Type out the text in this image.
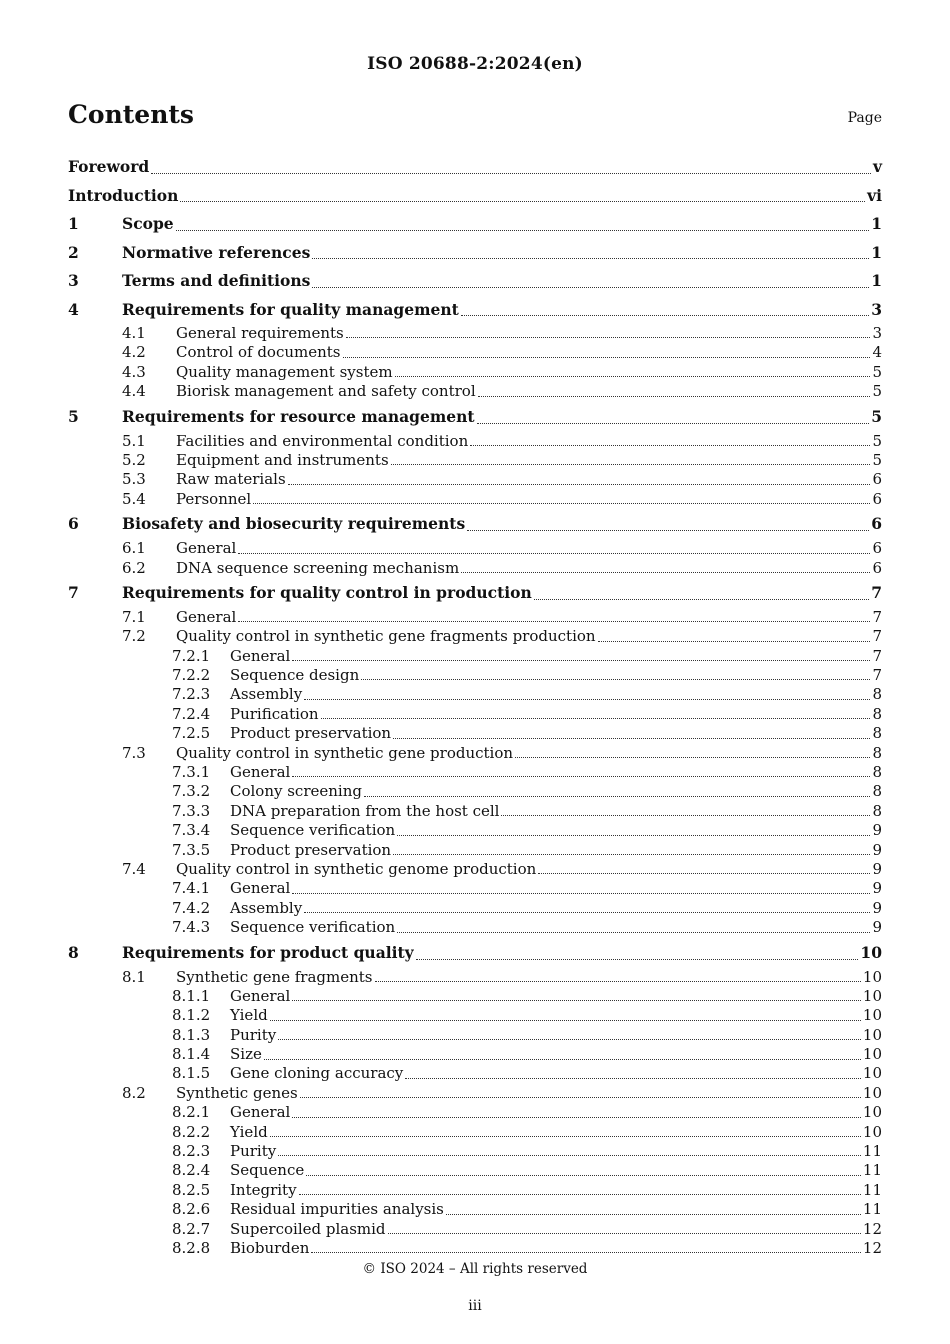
ISO 20688-2:2024(en)
Contents	Page
Foreword	v
Introduction	vi
1	Scope	1
2	Normative references	1
3	Terms and definitions	1
4	Requirements for quality management	3
4.1	General requirements	3
4.2	Control of documents	4
4.3	Quality management system	5
4.4	Biorisk management and safety control	5
5	Requirements for resource management	5
5.1	Facilities and environmental condition	5
5.2	Equipment and instruments	5
5.3	Raw materials	6
5.4	Personnel	6
6	Biosafety and biosecurity requirements	6
6.1	General	6
6.2	DNA sequence screening mechanism	6
7	Requirements for quality control in production	7
7.1	General	7
7.2	Quality control in synthetic gene fragments production	7
7.2.1	General	7
7.2.2	Sequence design	7
7.2.3	Assembly	8
7.2.4	Purification	8
7.2.5	Product preservation	8
7.3	Quality control in synthetic gene production	8
7.3.1	General	8
7.3.2	Colony screening	8
7.3.3	DNA preparation from the host cell	8
7.3.4	Sequence verification	9
7.3.5	Product preservation	9
7.4	Quality control in synthetic genome production	9
7.4.1	General	9
7.4.2	Assembly	9
7.4.3	Sequence verification	9
8	Requirements for product quality	10
8.1	Synthetic gene fragments	10
8.1.1	General	10
8.1.2	Yield	10
8.1.3	Purity	10
8.1.4	Size	10
8.1.5	Gene cloning accuracy	10
8.2	Synthetic genes	10
8.2.1	General	10
8.2.2	Yield	10
8.2.3	Purity	11
8.2.4	Sequence	11
8.2.5	Integrity	11
8.2.6	Residual impurities analysis	11
8.2.7	Supercoiled plasmid	12
8.2.8	Bioburden	12
© ISO 2024 – All rights reserved
iii
